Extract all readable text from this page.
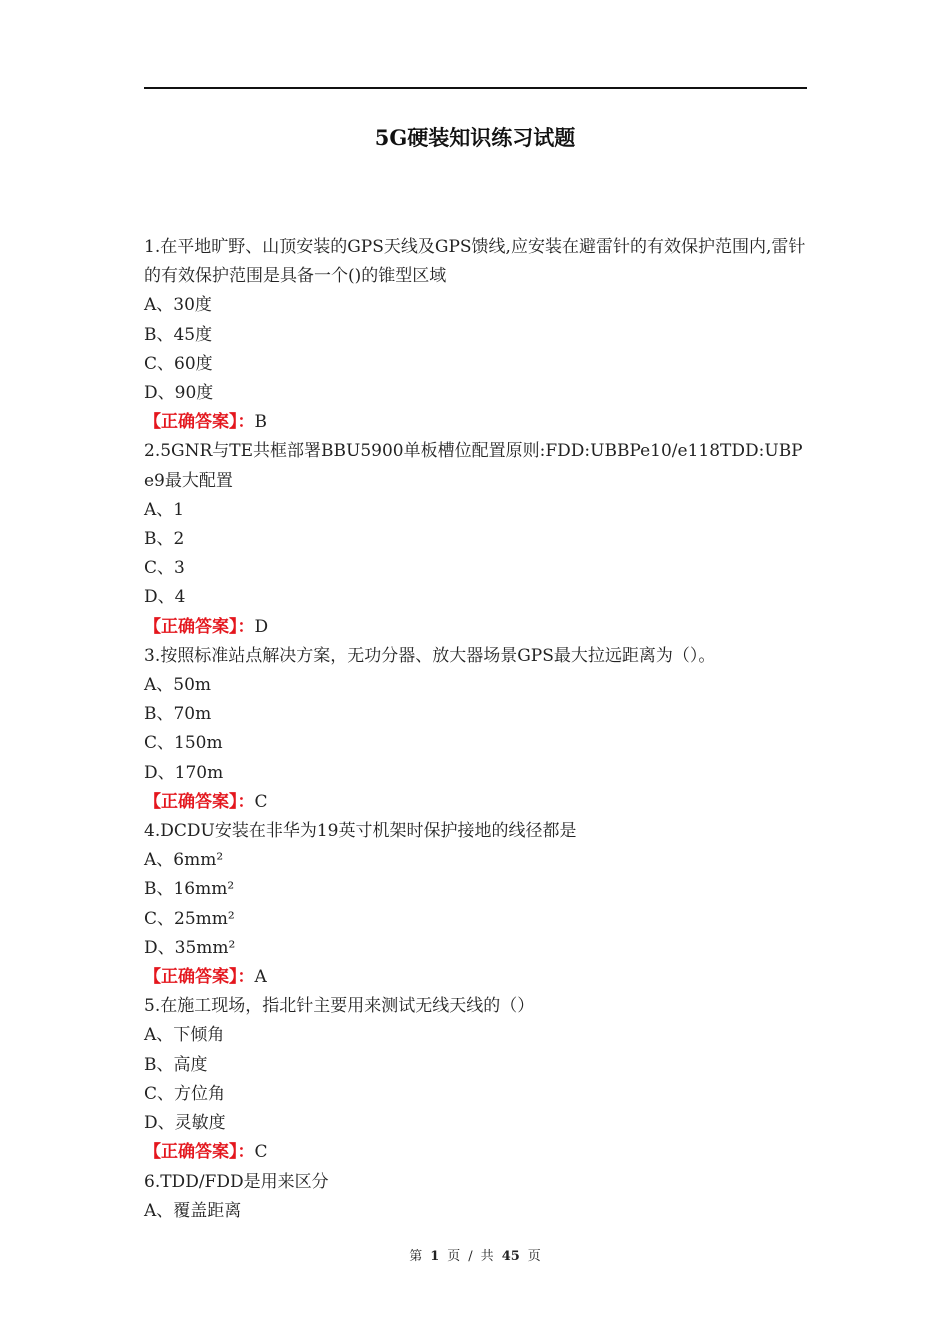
5G硬装知识练习试题
1.在平地旷野、山顶安装的GPS天线及GPS馈线,应安装在避雷针的有效保护范围内,雷针的有效保护范围是具备一个()的锥型区域
A、30度
B、45度
C、60度
D、90度
【正确答案】：B
2.5GNR与TE共框部署BBU5900单板槽位配置原则:FDD:UBBPe10/e118TDD:UBPe9最大配置
A、1
B、2
C、3
D、4
【正确答案】：D
3.按照标准站点解决方案，无功分器、放大器场景GPS最大拉远距离为（）。
A、50m
B、70m
C、150m
D、170m
【正确答案】：C
4.DCDU安装在非华为19英寸机架时保护接地的线径都是
A、6mm²
B、16mm²
C、25mm²
D、35mm²
【正确答案】：A
5.在施工现场，指北针主要用来测试无线天线的（）
A、下倾角
B、高度
C、方位角
D、灵敏度
【正确答案】：C
6.TDD/FDD是用来区分
A、覆盖距离
第 1 页 / 共 45 页
